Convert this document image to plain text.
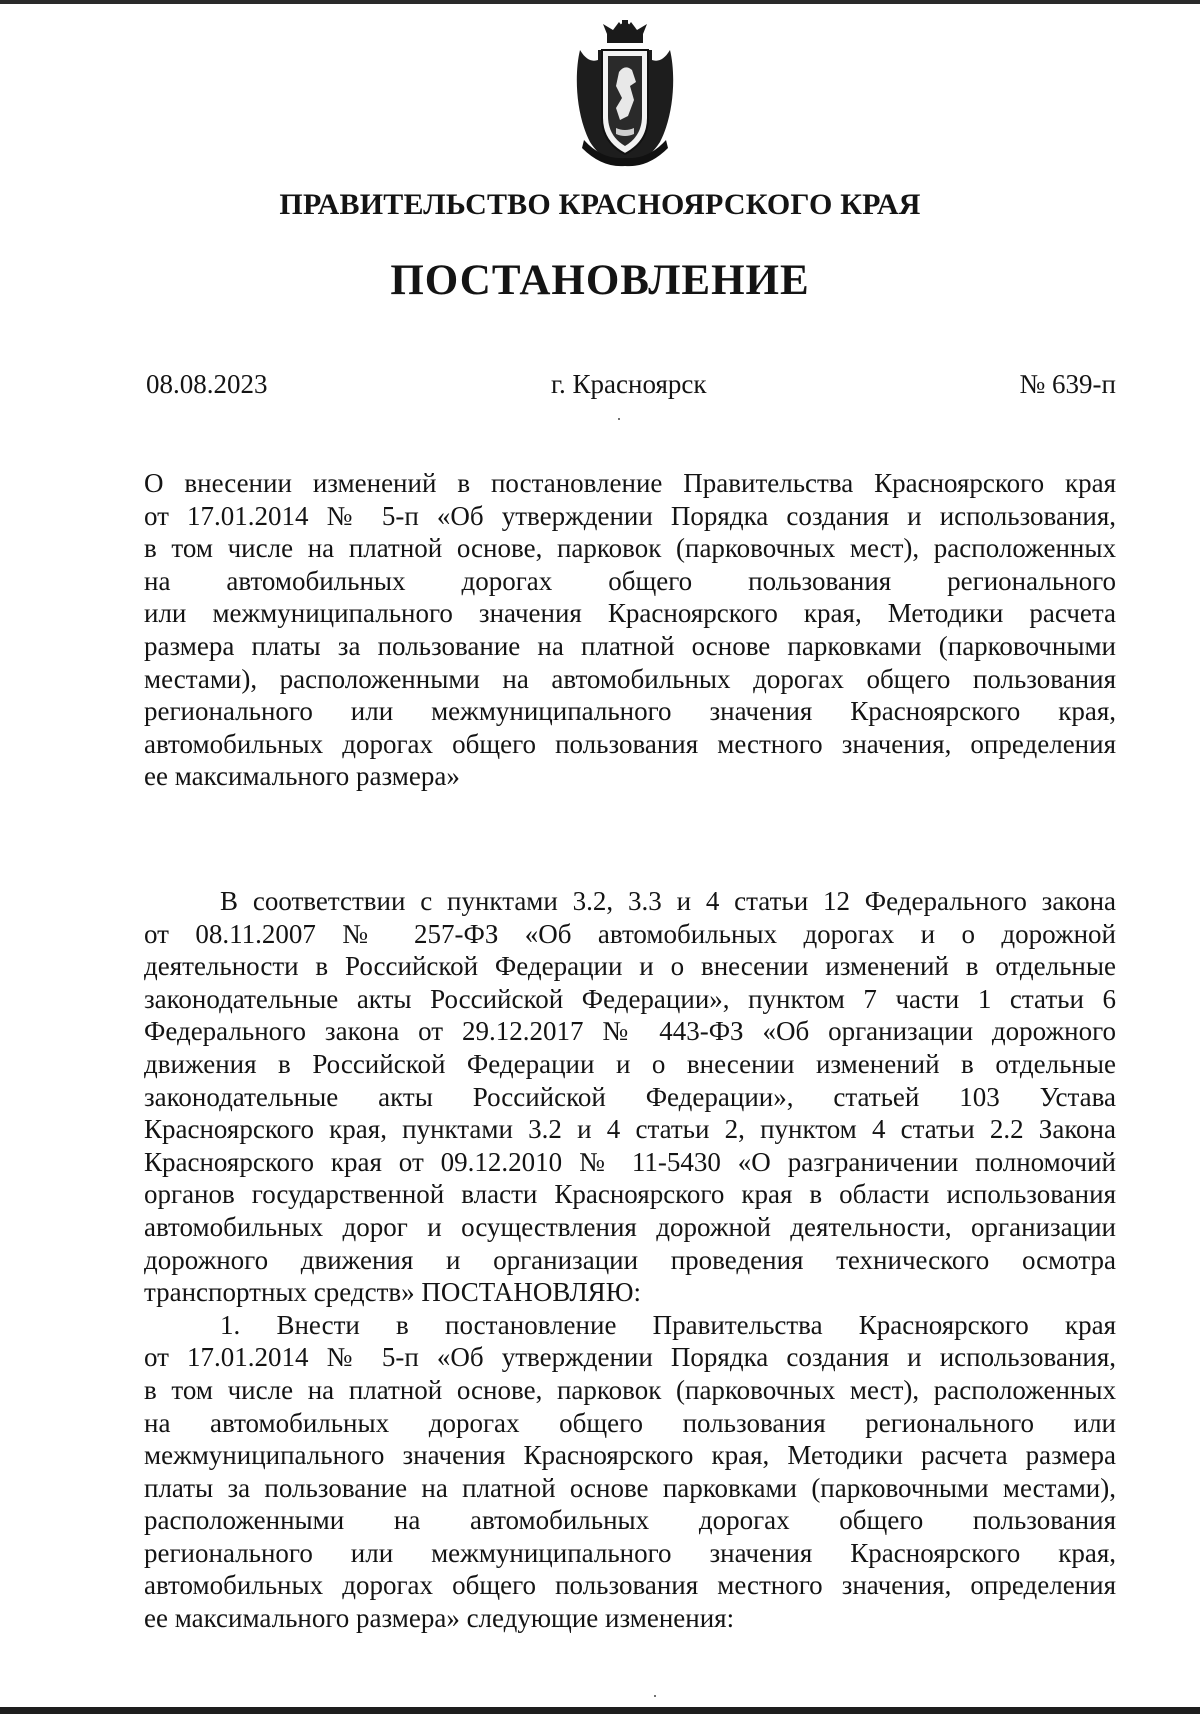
ПРАВИТЕЛЬСТВО КРАСНОЯРСКОГО КРАЯ
ПОСТАНОВЛЕНИЕ
08.08.2023	г. Красноярск	№ 639-п

О внесении изменений в постановление Правительства Красноярского края

от 17.01.2014 № 5-п «Об утверждении Порядка создания и использования,

в том числе на платной основе, парковок (парковочных мест), расположенных

на автомобильных дорогах общего пользования регионального

или межмуниципального значения Красноярского края, Методики расчета

размера платы за пользование на платной основе парковками (парковочными

местами), расположенными на автомобильных дорогах общего пользования

регионального или межмуниципального значения Красноярского края,

автомобильных дорогах общего пользования местного значения, определения

ее максимального размера»

В соответствии с пунктами 3.2, 3.3 и 4 статьи 12 Федерального закона

от 08.11.2007 № 257-ФЗ «Об автомобильных дорогах и о дорожной

деятельности в Российской Федерации и о внесении изменений в отдельные

законодательные акты Российской Федерации», пунктом 7 части 1 статьи 6

Федерального закона от 29.12.2017 № 443-ФЗ «Об организации дорожного

движения в Российской Федерации и о внесении изменений в отдельные

законодательные акты Российской Федерации», статьей 103 Устава

Красноярского края, пунктами 3.2 и 4 статьи 2, пунктом 4 статьи 2.2 Закона

Красноярского края от 09.12.2010 № 11-5430 «О разграничении полномочий

органов государственной власти Красноярского края в области использования

автомобильных дорог и осуществления дорожной деятельности, организации

дорожного движения и организации проведения технического осмотра

транспортных средств» ПОСТАНОВЛЯЮ:

1. Внести в постановление Правительства Красноярского края

от 17.01.2014 № 5-п «Об утверждении Порядка создания и использования,

в том числе на платной основе, парковок (парковочных мест), расположенных

на автомобильных дорогах общего пользования регионального или

межмуниципального значения Красноярского края, Методики расчета размера

платы за пользование на платной основе парковками (парковочными местами),

расположенными на автомобильных дорогах общего пользования

регионального или межмуниципального значения Красноярского края,

автомобильных дорогах общего пользования местного значения, определения

ее максимального размера» следующие изменения:
